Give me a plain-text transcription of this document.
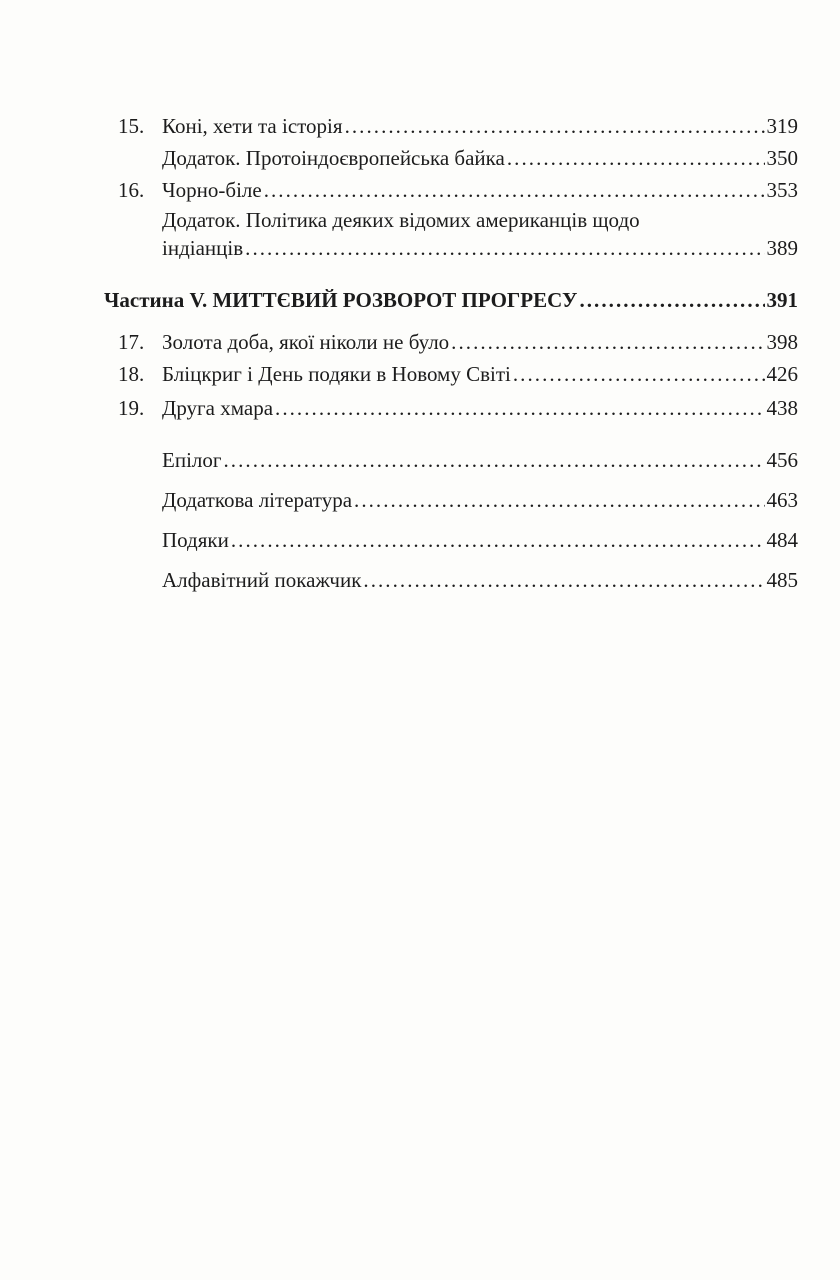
15. Коні, хети та історія . . .	319
Додаток. Протоіндоєвропейська байка . . .	350
16. Чорно-біле . . .	353
Додаток. Політика деяких відомих американців щодо
індіанців . . .	389
Частина V. МИТТЄВИЙ РОЗВОРОТ ПРОГРЕСУ . . .	391
17. Золота доба, якої ніколи не було . . .	398
18. Бліцкриг і День подяки в Новому Світі . . .	426
19. Друга хмара . . .	438
Епілог . . .	456
Додаткова література . . .	463
Подяки . . .	484
Алфавітний покажчик . . .	485
